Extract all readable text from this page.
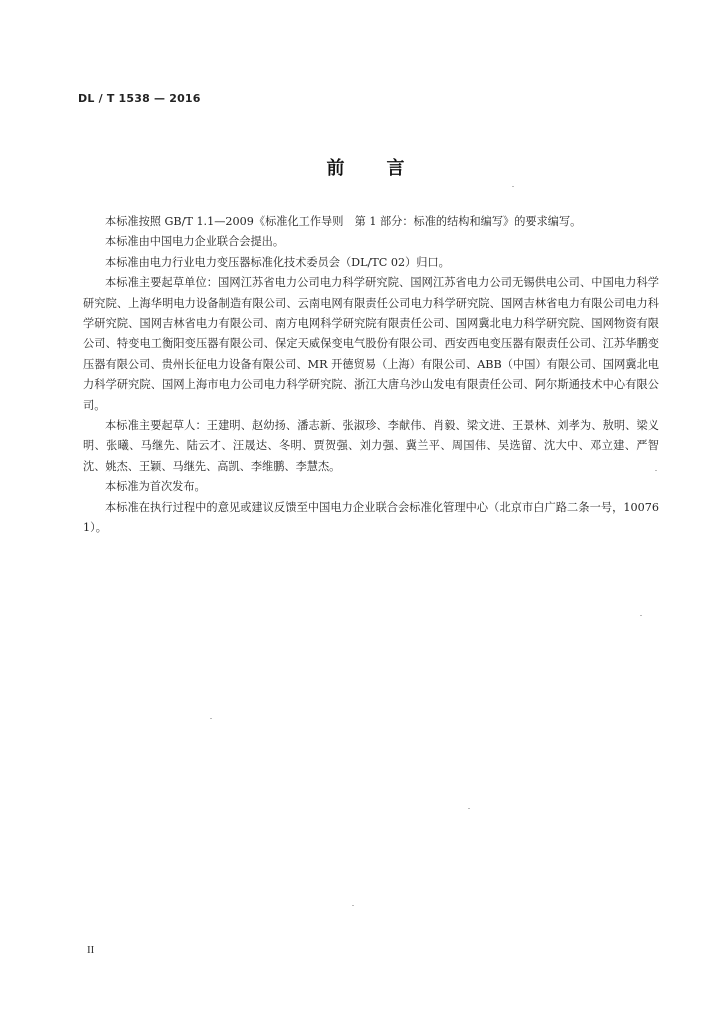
DL / T 1538 — 2016
前言

本标准按照 GB/T 1.1—2009《标准化工作导则　第 1 部分：标准的结构和编写》的要求编写。

本标准由中国电力企业联合会提出。

本标准由电力行业电力变压器标准化技术委员会（DL/TC 02）归口。

本标准主要起草单位：国网江苏省电力公司电力科学研究院、国网江苏省电力公司无锡供电公司、中国电力科学研究院、上海华明电力设备制造有限公司、云南电网有限责任公司电力科学研究院、国网吉林省电力有限公司电力科学研究院、国网吉林省电力有限公司、南方电网科学研究院有限责任公司、国网冀北电力科学研究院、国网物资有限公司、特变电工衡阳变压器有限公司、保定天威保变电气股份有限公司、西安西电变压器有限责任公司、江苏华鹏变压器有限公司、贵州长征电力设备有限公司、MR 开德贸易（上海）有限公司、ABB（中国）有限公司、国网冀北电力科学研究院、国网上海市电力公司电力科学研究院、浙江大唐乌沙山发电有限责任公司、阿尔斯通技术中心有限公司。

本标准主要起草人：王建明、赵幼扬、潘志新、张淑珍、李献伟、肖毅、梁文进、王景林、刘孝为、敖明、梁义明、张曦、马继先、陆云才、汪晟达、冬明、贾贺强、刘力强、冀兰平、周国伟、吴选留、沈大中、邓立建、严智沈、姚杰、王颖、马继先、高凯、李维鹏、李慧杰。

本标准为首次发布。

本标准在执行过程中的意见或建议反馈至中国电力企业联合会标准化管理中心（北京市白广路二条一号，100761）。

II
